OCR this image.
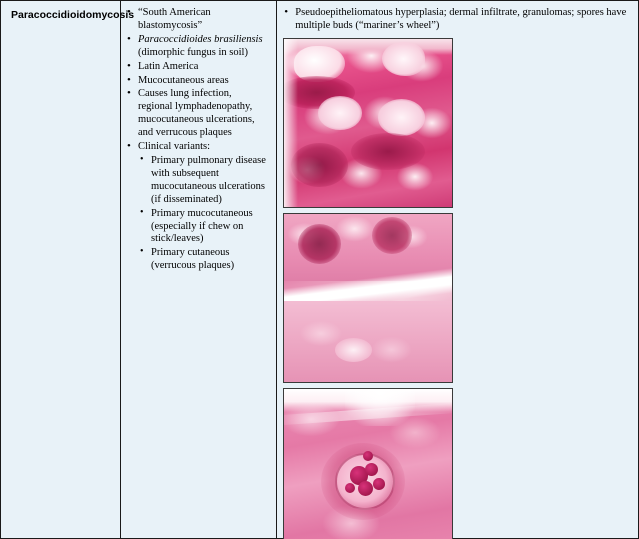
Paracoccidioidomycosis • “South American blastomycosis”
• Paracoccidioides brasiliensis (dimorphic fungus in soil)
• Latin America
• Mucocutaneous areas
• Causes lung infection, regional lymphadenopathy, mucocutaneous ulcerations, and verrucous plaques
• Clinical variants:
• Primary pulmonary disease with subsequent mucocutaneous ulcerations (if disseminated)
• Primary mucocutaneous (especially if chew on stick/leaves)
• Primary cutaneous (verrucous plaques)
• Pseudoepitheliomatous hyperplasia; dermal infiltrate, granulomas; spores have multiple buds (“mariner’s wheel”)
